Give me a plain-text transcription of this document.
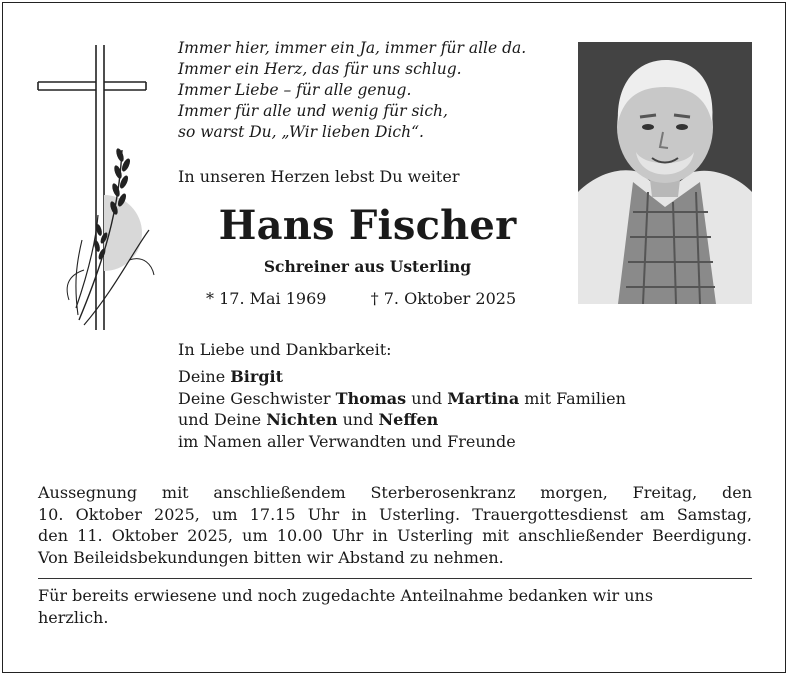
Immer hier, immer ein Ja, immer für alle da.
Immer ein Herz, das für uns schlug.
Immer Liebe – für alle genug.
Immer für alle und wenig für sich,
so warst Du, „Wir lieben Dich“.
In unseren Herzen lebst Du weiter
Hans Fischer
Schreiner aus Usterling
* 17. Mai 1969	† 7. Oktober 2025
In Liebe und Dankbarkeit:
Deine Birgit
Deine Geschwister Thomas und Martina mit Familien
und Deine Nichten und Neffen
im Namen aller Verwandten und Freunde
Aussegnung mit anschließendem Sterberosenkranz morgen, Freitag, den
10. Oktober 2025, um 17.15 Uhr in Usterling. Trauergottesdienst am Samstag,
den 11. Oktober 2025, um 10.00 Uhr in Usterling mit anschließender Beerdigung.
Von Beileidsbekundungen bitten wir Abstand zu nehmen.
Für bereits erwiesene und noch zugedachte Anteilnahme bedanken wir uns herzlich.
